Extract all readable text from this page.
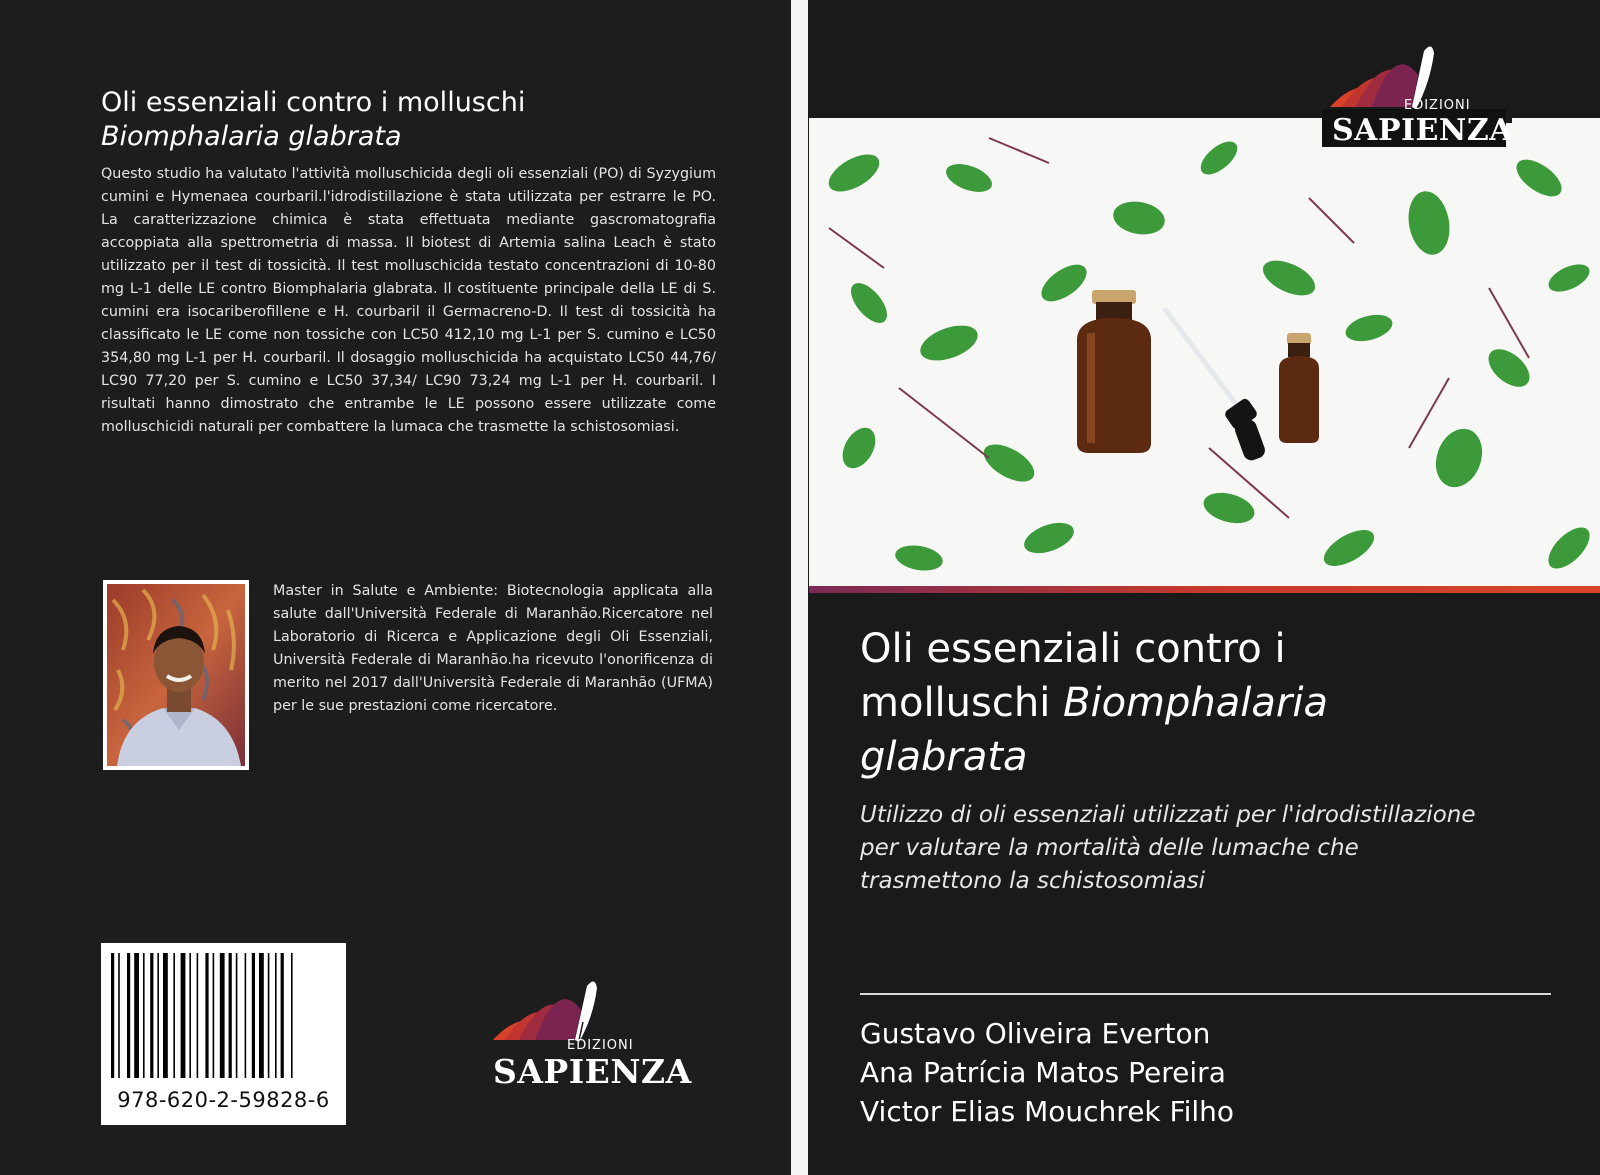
Oli essenziali contro i molluschi
Biomphalaria glabrata
Questo studio ha valutato l'attività molluschicida degli oli essenziali (PO) di Syzygium cumini e Hymenaea courbaril.l'idrodistillazione è stata utilizzata per estrarre le PO. La caratterizzazione chimica è stata effettuata mediante gascromatografia accoppiata alla spettrometria di massa. Il biotest di Artemia salina Leach è stato utilizzato per il test di tossicità. Il test molluschicida testato concentrazioni di 10-80 mg L-1 delle LE contro Biomphalaria glabrata. Il costituente principale della LE di S. cumini era isocariberofillene e H. courbaril il Germacreno-D. Il test di tossicità ha classificato le LE come non tossiche con LC50 412,10 mg L-1 per S. cumino e LC50 354,80 mg L-1 per H. courbaril. Il dosaggio molluschicida ha acquistato LC50 44,76/ LC90 77,20 per S. cumino e LC50 37,34/ LC90 73,24 mg L-1 per H. courbaril. I risultati hanno dimostrato che entrambe le LE possono essere utilizzate come molluschicidi naturali per combattere la lumaca che trasmette la schistosomiasi.
Master in Salute e Ambiente: Biotecnologia applicata alla salute dall'Università Federale di Maranhão.Ricercatore nel Laboratorio di Ricerca e Applicazione degli Oli Essenziali, Università Federale di Maranhão.ha ricevuto l'onorificenza di merito nel 2017 dall'Università Federale di Maranhão (UFMA) per le sue prestazioni come ricercatore.
978-620-2-59828-6
EDIZIONI
SAPIENZA
EDIZIONI
SAPIENZA
Oli essenziali contro i
molluschi Biomphalaria
glabrata
Utilizzo di oli essenziali utilizzati per l'idrodistillazione per valutare la mortalità delle lumache che trasmettono la schistosomiasi
Gustavo Oliveira Everton
Ana Patrícia Matos Pereira
Victor Elias Mouchrek Filho
